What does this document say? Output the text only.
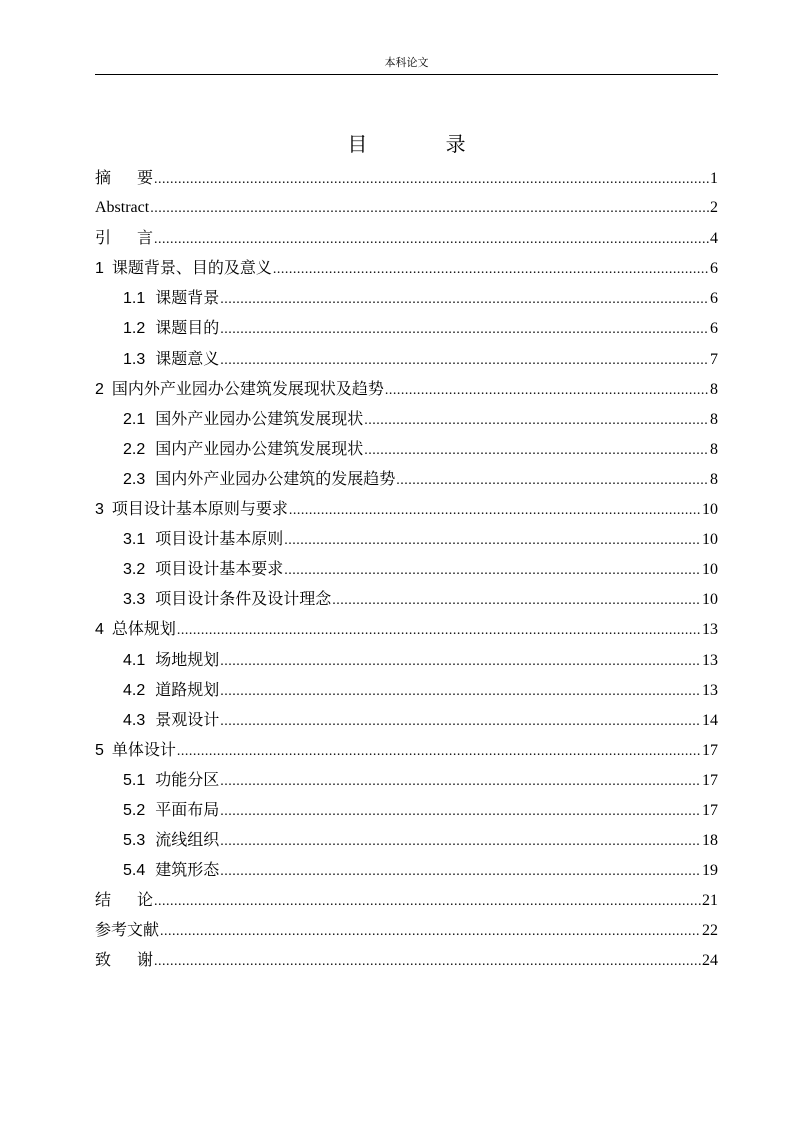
本科论文
目 录
摘要 .....	1
Abstract .....	2
引言 .....	4
1 课题背景、目的及意义 .....	6
1.1 课题背景 .....	6
1.2 课题目的 .....	6
1.3 课题意义 .....	7
2 国内外产业园办公建筑发展现状及趋势 .....	8
2.1 国外产业园办公建筑发展现状 .....	8
2.2 国内产业园办公建筑发展现状 .....	8
2.3 国内外产业园办公建筑的发展趋势 .....	8
3 项目设计基本原则与要求 .....	10
3.1 项目设计基本原则 .....	10
3.2 项目设计基本要求 .....	10
3.3 项目设计条件及设计理念 .....	10
4 总体规划 .....	13
4.1 场地规划 .....	13
4.2 道路规划 .....	13
4.3 景观设计 .....	14
5 单体设计 .....	17
5.1 功能分区 .....	17
5.2 平面布局 .....	17
5.3 流线组织 .....	18
5.4 建筑形态 .....	19
结论 .....	21
参考文献 .....	22
致谢 .....	24
